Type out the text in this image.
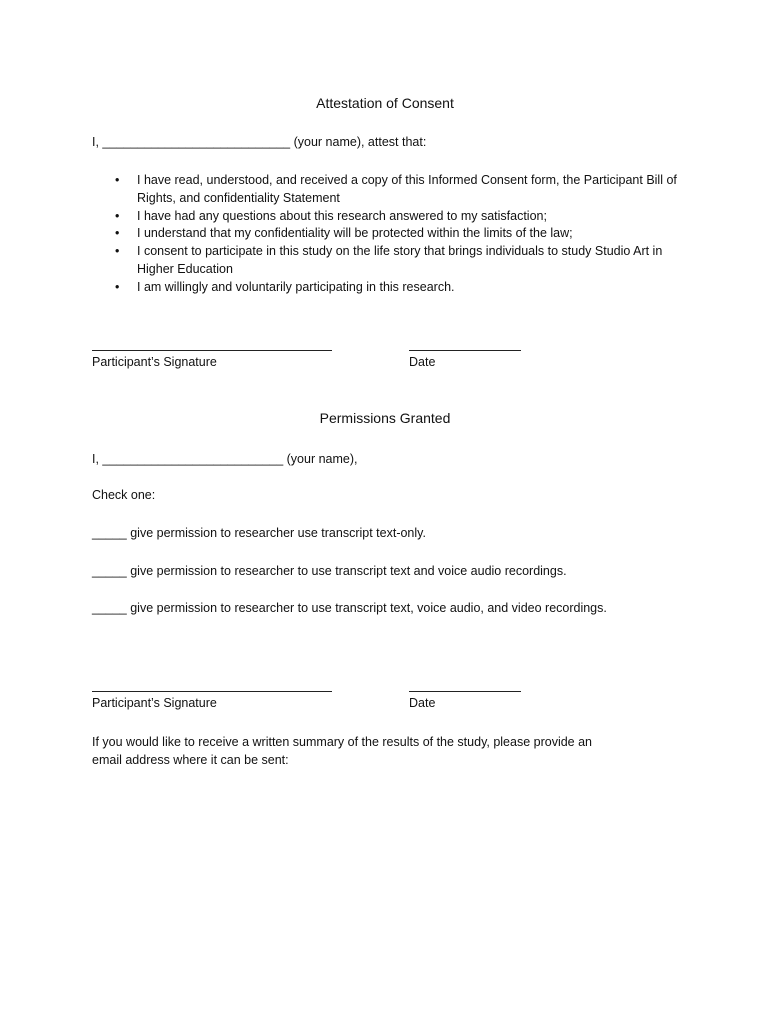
Attestation of Consent
I, ___________________________ (your name), attest that:
• I have read, understood, and received a copy of this Informed Consent form, the Participant Bill of Rights, and confidentiality Statement
• I have had any questions about this research answered to my satisfaction;
• I understand that my confidentiality will be protected within the limits of the law;
• I consent to participate in this study on the life story that brings individuals to study Studio Art in Higher Education
• I am willingly and voluntarily participating in this research.
Participant’s Signature	Date
Permissions Granted
I, __________________________ (your name),
Check one:
_____ give permission to researcher use transcript text-only.
_____ give permission to researcher to use transcript text and voice audio recordings.
_____ give permission to researcher to use transcript text, voice audio, and video recordings.
Participant’s Signature	Date
If you would like to receive a written summary of the results of the study, please provide an
email address where it can be sent:
